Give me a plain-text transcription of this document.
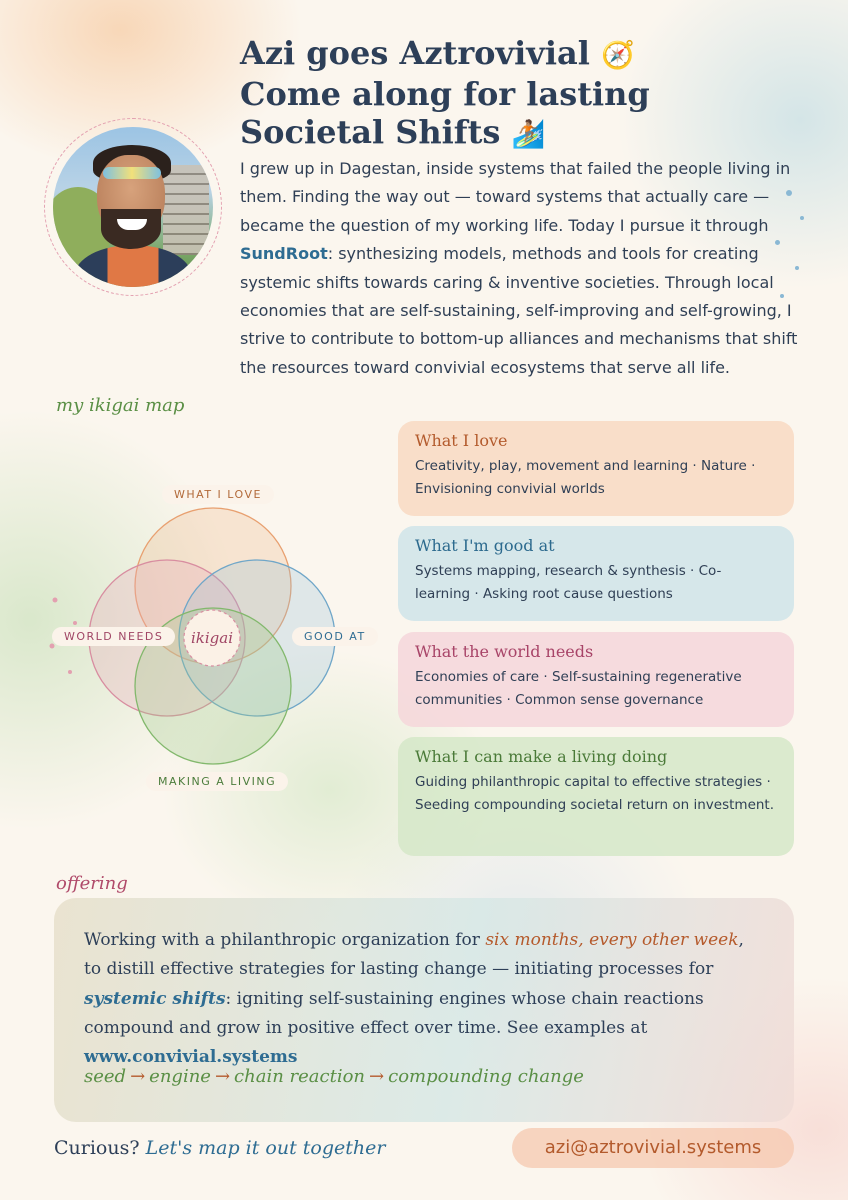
Azi goes Aztrovivial 🧭
Come along for lasting
Societal Shifts 🏄🏽

I grew up in Dagestan, inside systems that failed the people living in them. Finding the way out — toward systems that actually care — became the question of my working life. Today I pursue it through SundRoot: synthesizing models, methods and tools for creating systemic shifts towards caring & inventive societies. Through local economies that are self-sustaining, self-improving and self-growing, I strive to contribute to bottom-up alliances and mechanisms that shift the resources toward convivial ecosystems that serve all life.

my ikigai map
ikigai
WHAT I LOVE
WORLD NEEDS	GOOD AT
MAKING A LIVING
What I love

Creativity, play, movement and learning · Nature · Envisioning convivial worlds

What I'm good at

Systems mapping, research & synthesis · Co-learning · Asking root cause questions

What the world needs

Economies of care · Self-sustaining regenerative communities · Common sense governance

What I can make a living doing

Guiding philanthropic capital to effective strategies · Seeding compounding societal return on investment.

offering

Working with a philanthropic organization for six months, every other week, to distill effective strategies for lasting change — initiating processes for systemic shifts: igniting self-sustaining engines whose chain reactions compound and grow in positive effect over time. See examples at www.convivial.systems

seed → engine → chain reaction → compounding change
Curious? Let's map it out together	azi@aztrovivial.systems
